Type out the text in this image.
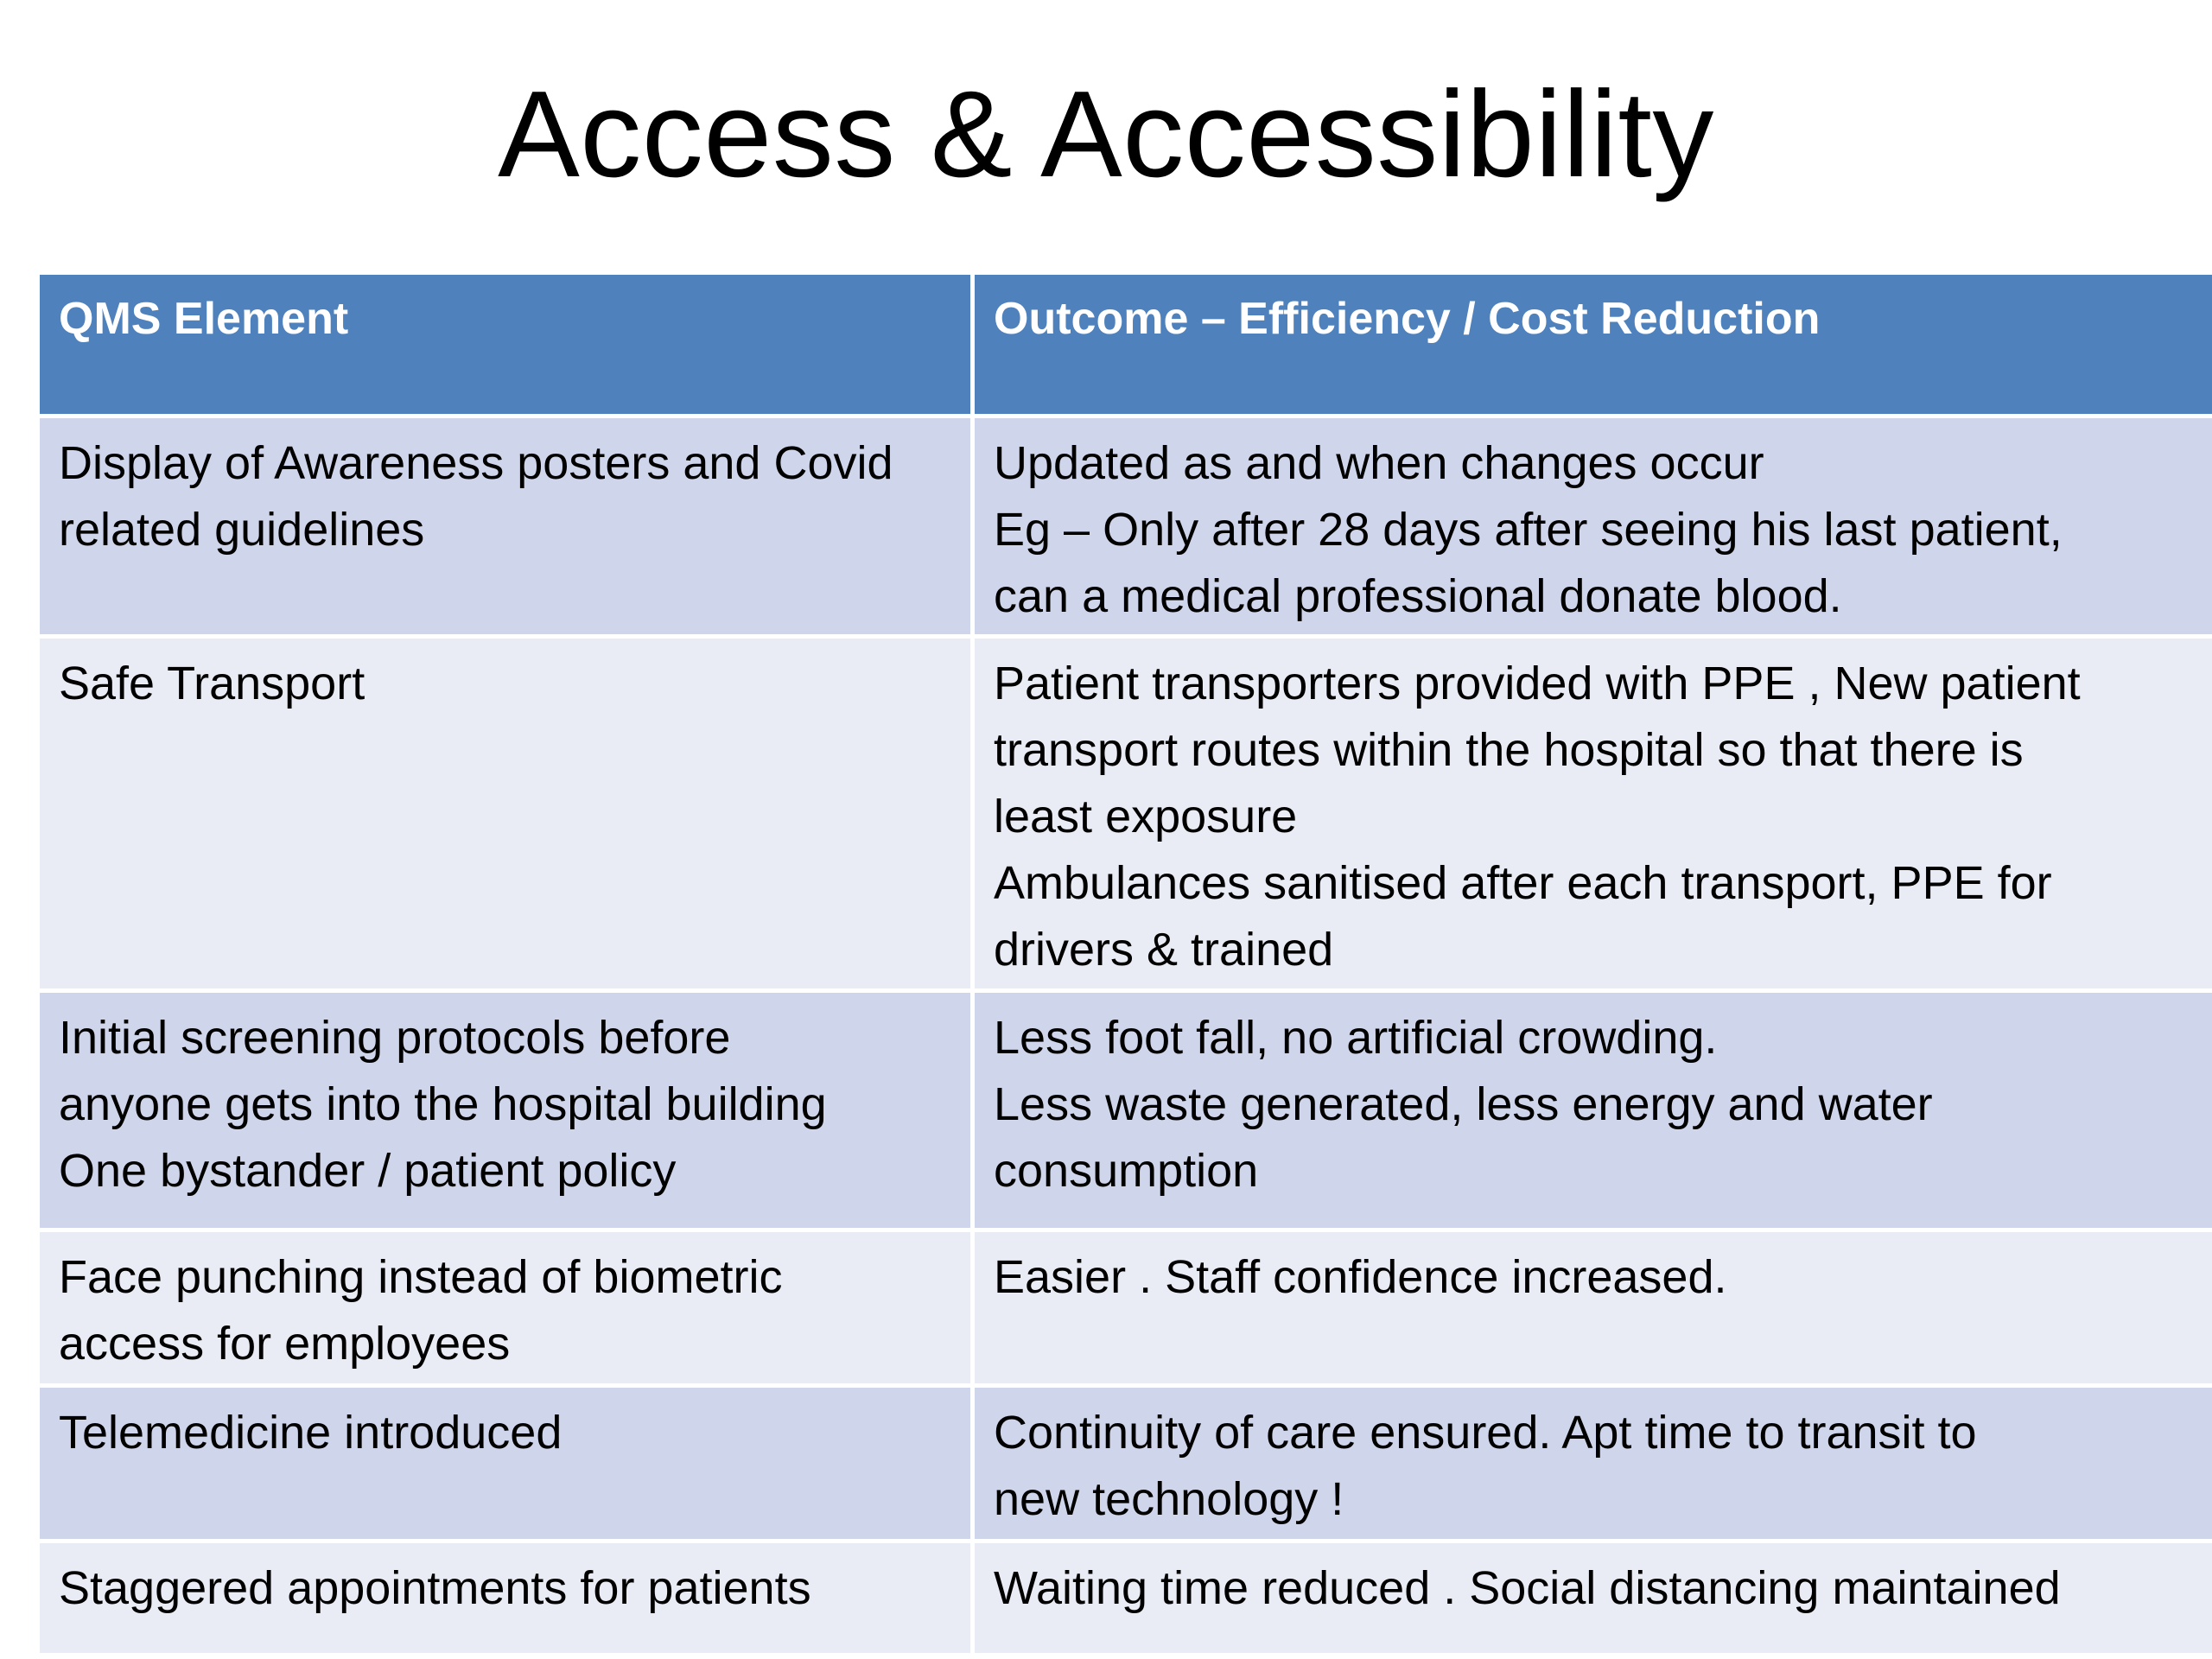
Access & Accessibility
QMS Element	Outcome – Efficiency / Cost Reduction

Display of Awareness posters and Covid
related guidelines	Updated as and when changes occur
Eg – Only after 28 days after seeing his last patient,
can a medical professional donate blood.

Safe Transport	Patient transporters provided with PPE , New patient
transport routes within the hospital so that there is
least exposure
Ambulances sanitised after each transport, PPE for
drivers & trained

Initial screening protocols before
anyone gets into the hospital building
One bystander / patient policy	Less foot fall, no artificial crowding.
Less waste generated, less energy and water
consumption

Face punching instead of biometric
access for employees	Easier . Staff confidence increased.

Telemedicine introduced	Continuity of care ensured. Apt time to transit to
new technology !

Staggered appointments for patients	Waiting time reduced . Social distancing maintained
